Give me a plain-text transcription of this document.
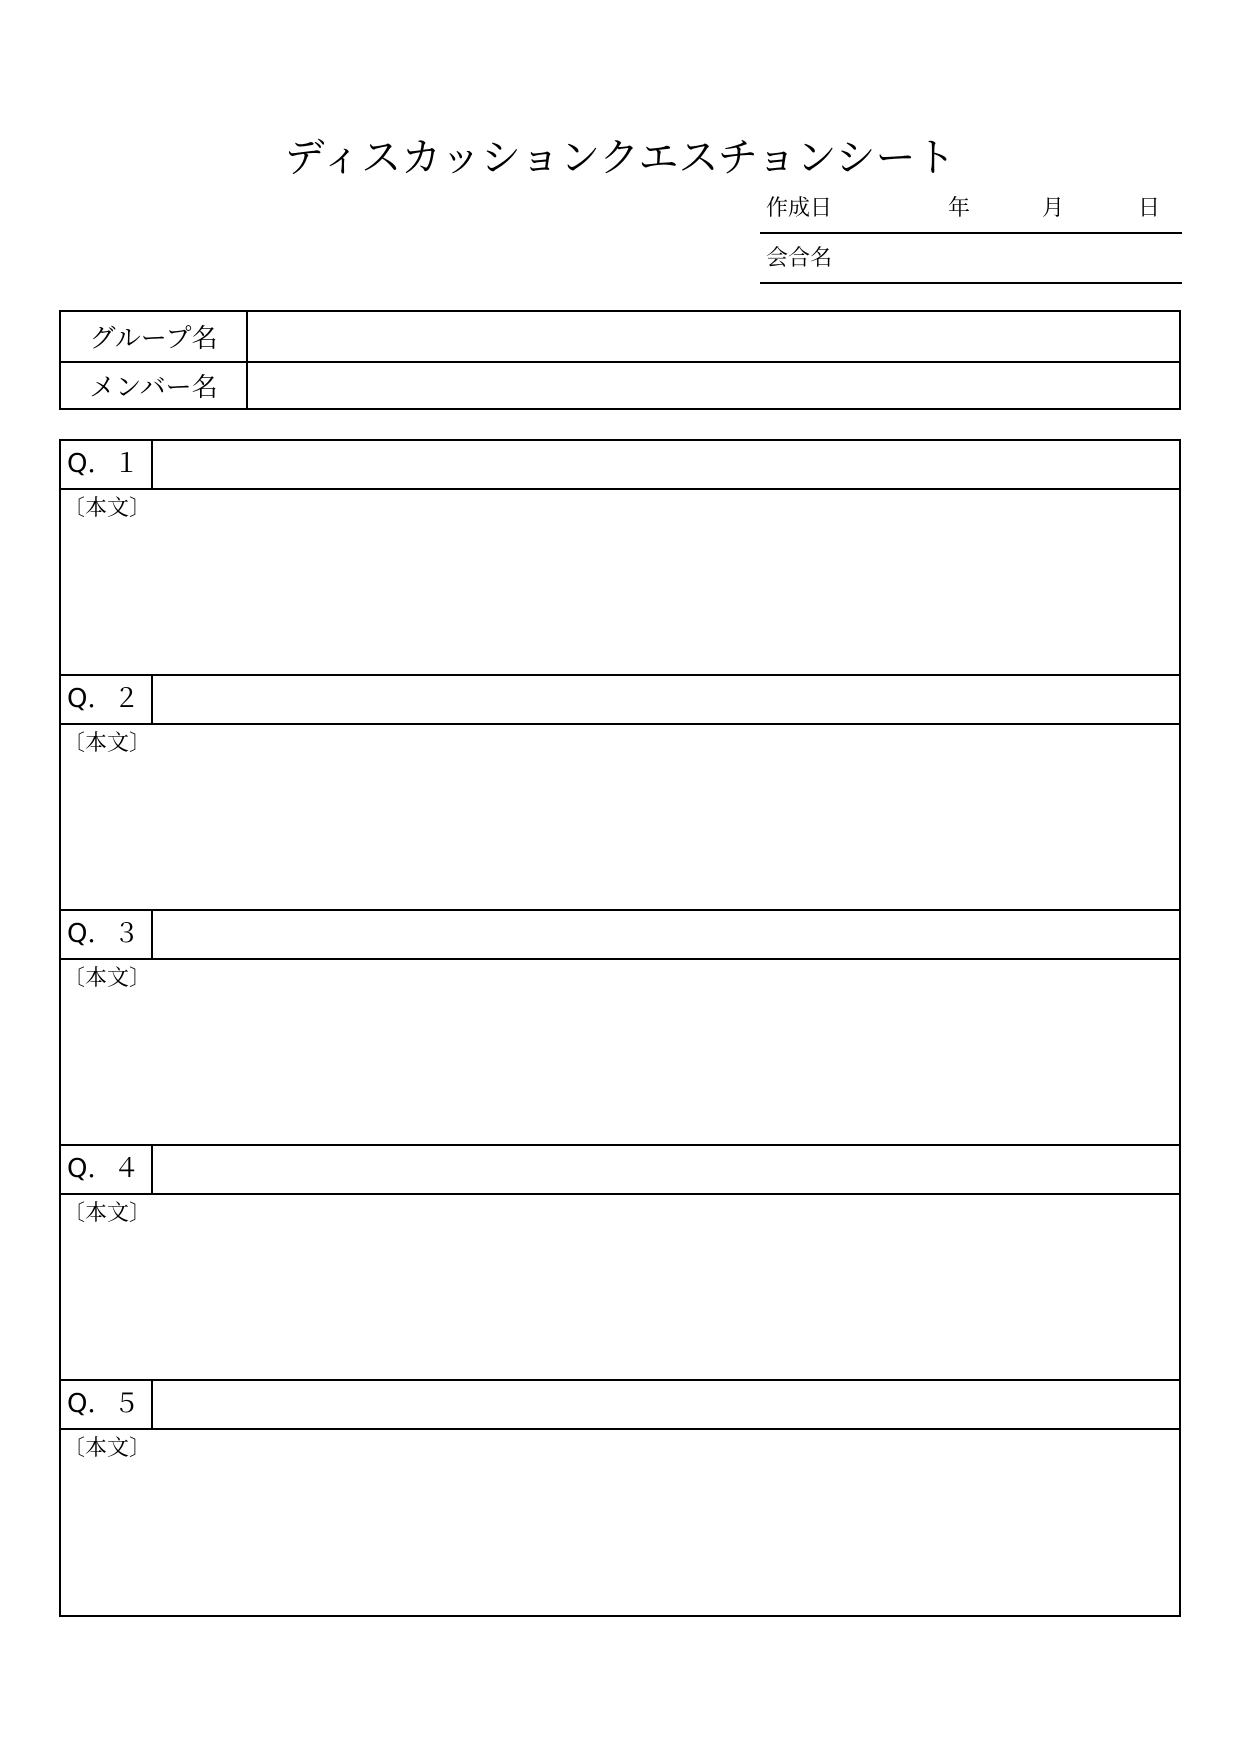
ディスカッションクエスチョンシート
作成日	年	月	日
会合名
グループ名
メンバー名
Q．１
〔本文〕
Q．２
〔本文〕
Q．３
〔本文〕
Q．４
〔本文〕
Q．５
〔本文〕
